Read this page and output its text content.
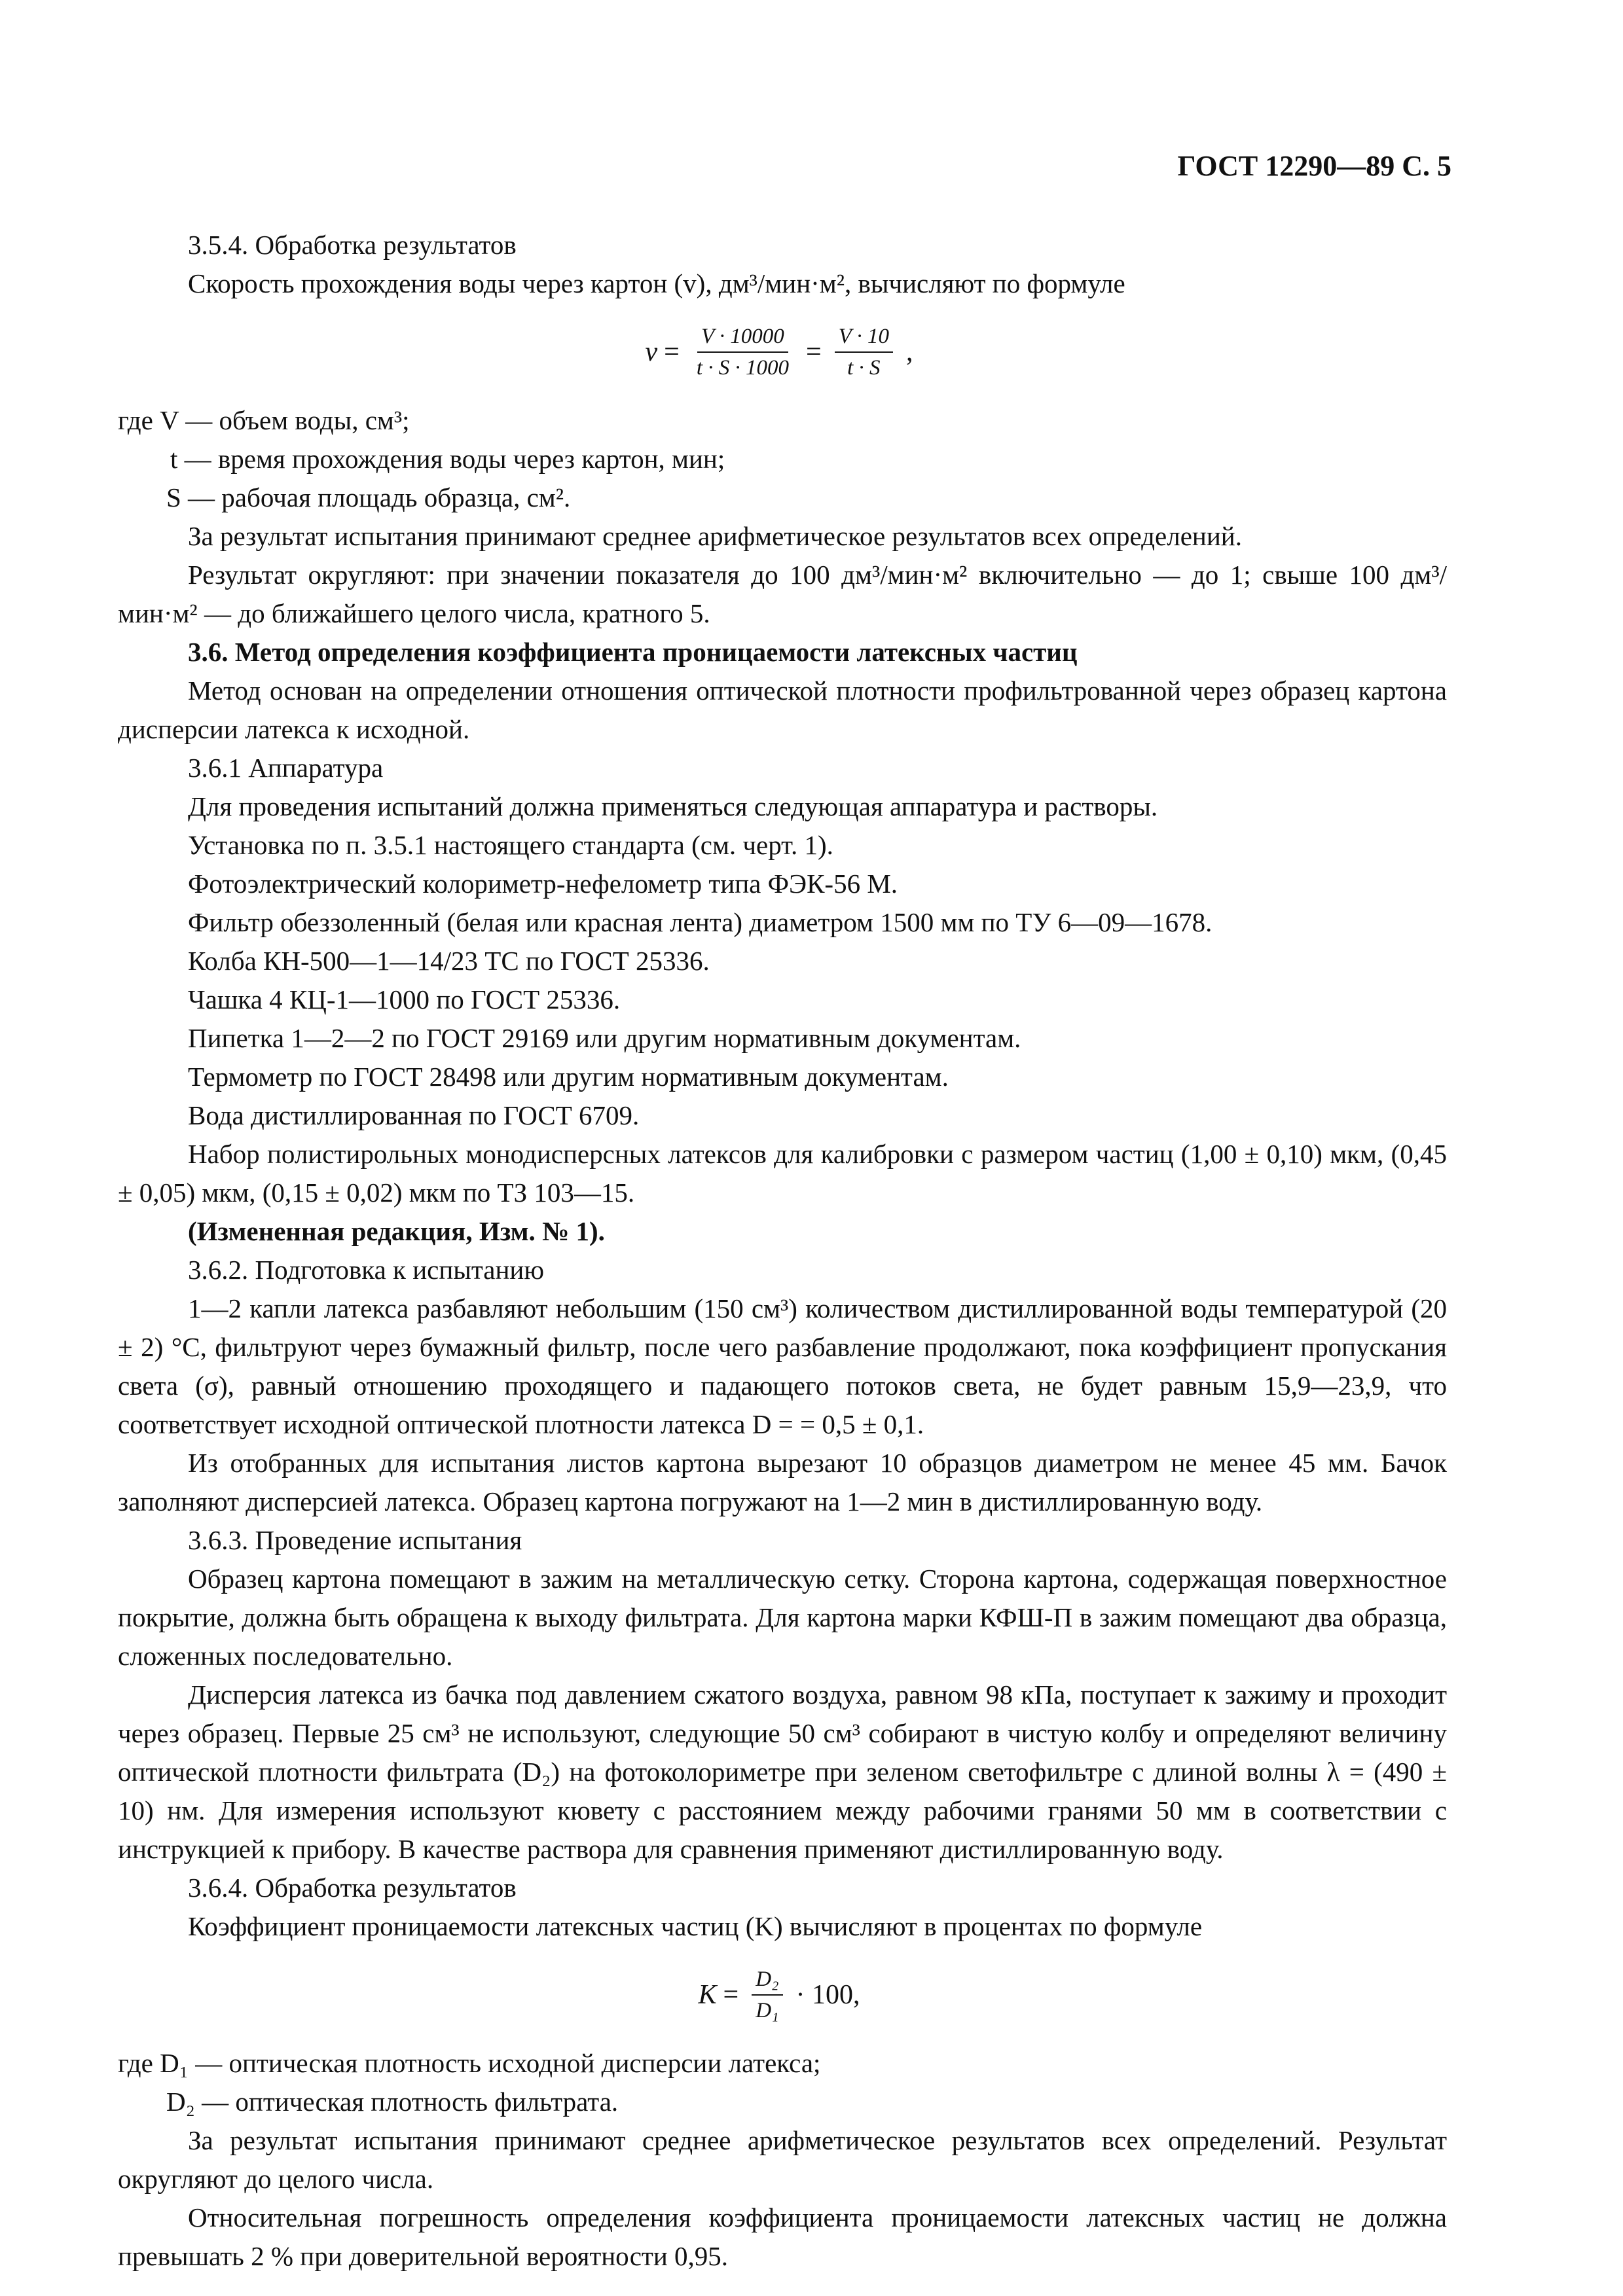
ГОСТ 12290—89 С. 5

3.5.4. Обработка результатов

Скорость прохождения воды через картон (v), дм³/мин·м², вычисляют по формуле

$v = \frac{V \cdot 10000}{t \cdot S \cdot 1000} = \frac{V \cdot 10}{t \cdot S}$ ,

где V — объем воды, см³;

t — время прохождения воды через картон, мин;

S — рабочая площадь образца, см².

За результат испытания принимают среднее арифметическое результатов всех определений.

Результат округляют: при значении показателя до 100 дм³/мин·м² включительно — до 1; свыше 100 дм³/мин·м² — до ближайшего целого числа, кратного 5.

3.6. Метод определения коэффициента проницаемости латексных частиц

Метод основан на определении отношения оптической плотности профильтрованной через образец картона дисперсии латекса к исходной.

3.6.1 Аппаратура

Для проведения испытаний должна применяться следующая аппаратура и растворы.

Установка по п. 3.5.1 настоящего стандарта (см. черт. 1).

Фотоэлектрический колориметр-нефелометр типа ФЭК-56 М.

Фильтр обеззоленный (белая или красная лента) диаметром 1500 мм по ТУ 6—09—1678.

Колба КН-500—1—14/23 ТС по ГОСТ 25336.

Чашка 4 КЦ-1—1000 по ГОСТ 25336.

Пипетка 1—2—2 по ГОСТ 29169 или другим нормативным документам.

Термометр по ГОСТ 28498 или другим нормативным документам.

Вода дистиллированная по ГОСТ 6709.

Набор полистирольных монодисперсных латексов для калибровки с размером частиц (1,00 ± 0,10) мкм, (0,45 ± 0,05) мкм, (0,15 ± 0,02) мкм по ТЗ 103—15.

(Измененная редакция, Изм. № 1).

3.6.2. Подготовка к испытанию

1—2 капли латекса разбавляют небольшим (150 см³) количеством дистиллированной воды температурой (20 ± 2) °С, фильтруют через бумажный фильтр, после чего разбавление продолжают, пока коэффициент пропускания света (σ), равный отношению проходящего и падающего потоков света, не будет равным 15,9—23,9, что соответствует исходной оптической плотности латекса D = = 0,5 ± 0,1.

Из отобранных для испытания листов картона вырезают 10 образцов диаметром не менее 45 мм. Бачок заполняют дисперсией латекса. Образец картона погружают на 1—2 мин в дистиллированную воду.

3.6.3. Проведение испытания

Образец картона помещают в зажим на металлическую сетку. Сторона картона, содержащая поверхностное покрытие, должна быть обращена к выходу фильтрата. Для картона марки КФШ-П в зажим помещают два образца, сложенных последовательно.

Дисперсия латекса из бачка под давлением сжатого воздуха, равном 98 кПа, поступает к зажиму и проходит через образец. Первые 25 см³ не используют, следующие 50 см³ собирают в чистую колбу и определяют величину оптической плотности фильтрата (D₂) на фотоколориметре при зеленом светофильтре с длиной волны λ = (490 ± 10) нм. Для измерения используют кювету с расстоянием между рабочими гранями 50 мм в соответствии с инструкцией к прибору. В качестве раствора для сравнения применяют дистиллированную воду.

3.6.4. Обработка результатов

Коэффициент проницаемости латексных частиц (K) вычисляют в процентах по формуле

$K = \frac{\text{D₂}}{\text{D₁}} \cdot 100$,

где D₁ — оптическая плотность исходной дисперсии латекса;

D₂ — оптическая плотность фильтрата.

За результат испытания принимают среднее арифметическое результатов всех определений. Результат округляют до целого числа.

Относительная погрешность определения коэффициента проницаемости латексных частиц не должна превышать 2 % при доверительной вероятности 0,95.
